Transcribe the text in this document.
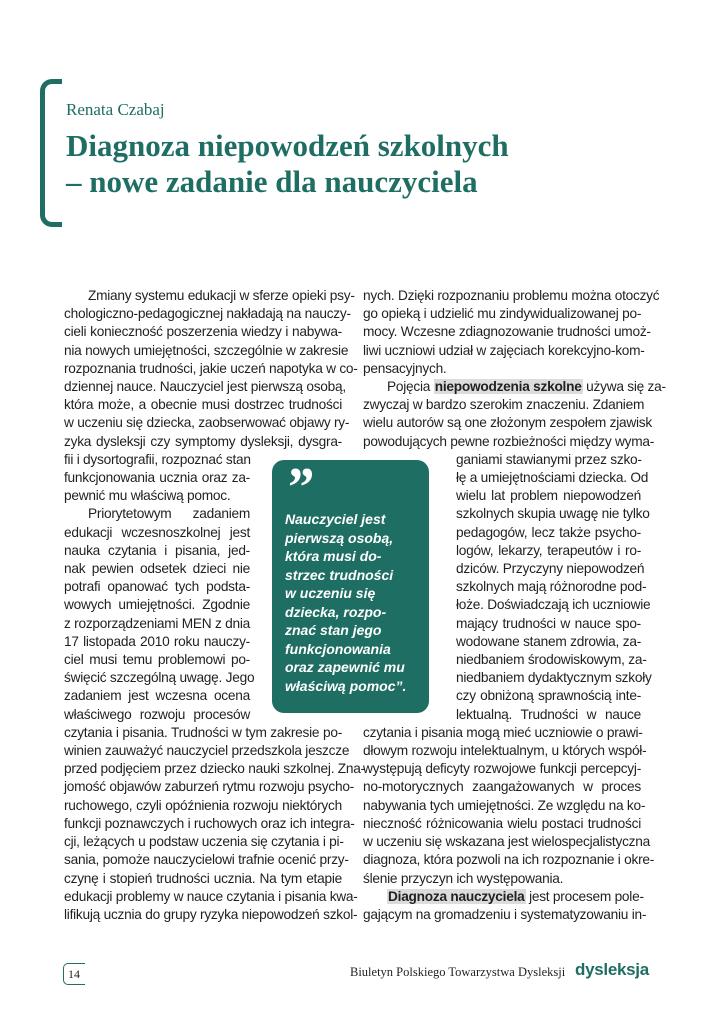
Renata Czabaj
Diagnoza niepowodzeń szkolnych
– nowe zadanie dla nauczyciela
Zmiany systemu edukacji w sferze opieki psy-
chologiczno-pedagogicznej nakładają na nauczy-
cieli konieczność poszerzenia wiedzy i nabywa-
nia nowych umiejętności, szczególnie w zakresie
rozpoznania trudności, jakie uczeń napotyka w co-
dziennej nauce. Nauczyciel jest pierwszą osobą,
która może, a obecnie musi dostrzec trudności
w uczeniu się dziecka, zaobserwować objawy ry-
zyka dysleksji czy symptomy dysleksji, dysgra-
fii i dysortografii, rozpoznać stan
funkcjonowania ucznia oraz za-
pewnić mu właściwą pomoc.
Priorytetowym zadaniem
edukacji wczesnoszkolnej jest
nauka czytania i pisania, jed-
nak pewien odsetek dzieci nie
potrafi opanować tych podsta-
wowych umiejętności. Zgodnie
z rozporządzeniami MEN z dnia
17 listopada 2010 roku nauczy-
ciel musi temu problemowi po-
święcić szczególną uwagę. Jego
zadaniem jest wczesna ocena
właściwego rozwoju procesów
czytania i pisania. Trudności w tym zakresie po-
winien zauważyć nauczyciel przedszkola jeszcze
przed podjęciem przez dziecko nauki szkolnej. Zna-
jomość objawów zaburzeń rytmu rozwoju psycho-
ruchowego, czyli opóźnienia rozwoju niektórych
funkcji poznawczych i ruchowych oraz ich integra-
cji, leżących u podstaw uczenia się czytania i pi-
sania, pomoże nauczycielowi trafnie ocenić przy-
czynę i stopień trudności ucznia. Na tym etapie
edukacji problemy w nauce czytania i pisania kwa-
lifikują ucznia do grupy ryzyka niepowodzeń szkol-
nych. Dzięki rozpoznaniu problemu można otoczyć
go opieką i udzielić mu zindywidualizowanej po-
mocy. Wczesne zdiagnozowanie trudności umoż-
liwi uczniowi udział w zajęciach korekcyjno-kom-
pensacyjnych.
Pojęcia niepowodzenia szkolne używa się za-
zwyczaj w bardzo szerokim znaczeniu. Zdaniem
wielu autorów są one złożonym zespołem zjawisk
powodujących pewne rozbieżności między wyma-
ganiami stawianymi przez szko-
łę a umiejętnościami dziecka. Od
wielu lat problem niepowodzeń
szkolnych skupia uwagę nie tylko
pedagogów, lecz także psycho-
logów, lekarzy, terapeutów i ro-
dziców. Przyczyny niepowodzeń
szkolnych mają różnorodne pod-
łoże. Doświadczają ich uczniowie
mający trudności w nauce spo-
wodowane stanem zdrowia, za-
niedbaniem środowiskowym, za-
niedbaniem dydaktycznym szkoły
czy obniżoną sprawnością inte-
lektualną. Trudności w nauce
czytania i pisania mogą mieć uczniowie o prawi-
dłowym rozwoju intelektualnym, u których współ-
występują deficyty rozwojowe funkcji percepcyj-
no-motorycznych zaangażowanych w proces
nabywania tych umiejętności. Ze względu na ko-
nieczność różnicowania wielu postaci trudności
w uczeniu się wskazana jest wielospecjalistyczna
diagnoza, która pozwoli na ich rozpoznanie i okre-
ślenie przyczyn ich występowania.
Diagnoza nauczyciela jest procesem pole-
gającym na gromadzeniu i systematyzowaniu in-
”
Nauczyciel jest
pierwszą osobą,
która musi do-
strzec trudności
w uczeniu się
dziecka, rozpo-
znać stan jego
funkcjonowania
oraz zapewnić mu
właściwą pomoc”.
14	Biuletyn Polskiego Towarzystwa Dysleksji dysleksja
